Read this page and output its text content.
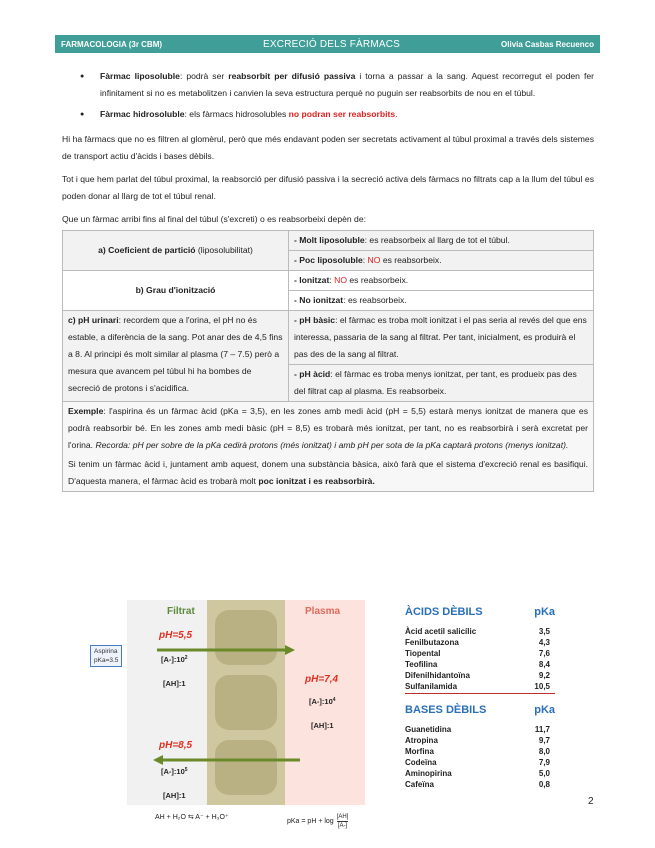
FARMACOLOGIA (3r CBM)	EXCRECIÓ DELS FÀRMACS	Olivia Casbas Recuenco
● Fàrmac liposoluble: podrà ser reabsorbit per difusió passiva i torna a passar a la sang. Aquest recorregut el poden fer infinitament si no es metabolitzen i canvien la seva estructura perquè no puguin ser reabsorbits de nou en el túbul.
● Fàrmac hidrosoluble: els fàrmacs hidrosolubles no podran ser reabsorbits.

Hi ha fàrmacs que no es filtren al glomèrul, però que més endavant poden ser secretats activament al túbul proximal a través dels sistemes de transport actiu d'àcids i bases dèbils.

Tot i que hem parlat del túbul proximal, la reabsorció per difusió passiva i la secreció activa dels fàrmacs no filtrats cap a la llum del túbul es poden donar al llarg de tot el túbul renal.

Que un fàrmac arribi fins al final del túbul (s'excreti) o es reabsorbeixi depèn de:

a) Coeficient de partició (liposolubilitat)	- Molt liposoluble: es reabsorbeix al llarg de tot el túbul.
	- Poc liposoluble: NO es reabsorbeix.
b) Grau d'ionització	- Ionitzat: NO es reabsorbeix.
	- No ionitzat: es reabsorbeix.
c) pH urinari: recordem que a l'orina, el pH no és estable, a diferència de la sang. Pot anar des de 4,5 fins a 8. Al principi és molt similar al plasma (7 – 7.5) però a mesura que avancem pel túbul hi ha bombes de secreció de protons i s'acidifica.	- pH bàsic: el fàrmac es troba molt ionitzat i el pas seria al revés del que ens interessa, passaria de la sang al filtrat. Per tant, inicialment, es produirà el pas des de la sang al filtrat.
	- pH àcid: el fàrmac es troba menys ionitzat, per tant, es produeix pas des del filtrat cap al plasma. Es reabsorbeix.

Exemple: l'aspirina és un fàrmac àcid (pKa = 3,5), en les zones amb medi àcid (pH = 5,5) estarà menys ionitzat de manera que es podrà reabsorbir bé. En les zones amb medi bàsic (pH = 8,5) es trobarà més ionitzat, per tant, no es reabsorbirà i serà excretat per l'orina. Recorda: pH per sobre de la pKa cedirà protons (més ionitzat) i amb pH per sota de la pKa captarà protons (menys ionitzat).

Si tenim un fàrmac àcid i, juntament amb aquest, donem una substància bàsica, això farà que el sistema d'excreció renal es basifiqui. D'aquesta manera, el fàrmac àcid es trobarà molt poc ionitzat i es reabsorbirà.

Filtrat	Plasma
pH=5,5
$[A-]:10^2$
[AH]:1	pH=7,4
$[A-]:10^4$
[AH]:1
pH=8,5
$[A-]:10^5$
[AH]:1
Aspirina
pKa=3.5
AH + H₂O ⇆ A⁻ + H₃O⁺
pKa = pH + $\log \frac{[AH]}{[A-]}$
ÀCIDS DÈBILS	pKa
Àcid acetil salicílic	3,5
Fenilbutazona	4,3
Tiopental	7,6
Teofilina	8,4
Difenilhidantoïna	9,2
Sulfanilamida	10,5
BASES DÈBILS	pKa
Guanetidina	11,7
Atropina	9,7
Morfina	8,0
Codeïna	7,9
Aminopirina	5,0
Cafeïna	0,8
2
